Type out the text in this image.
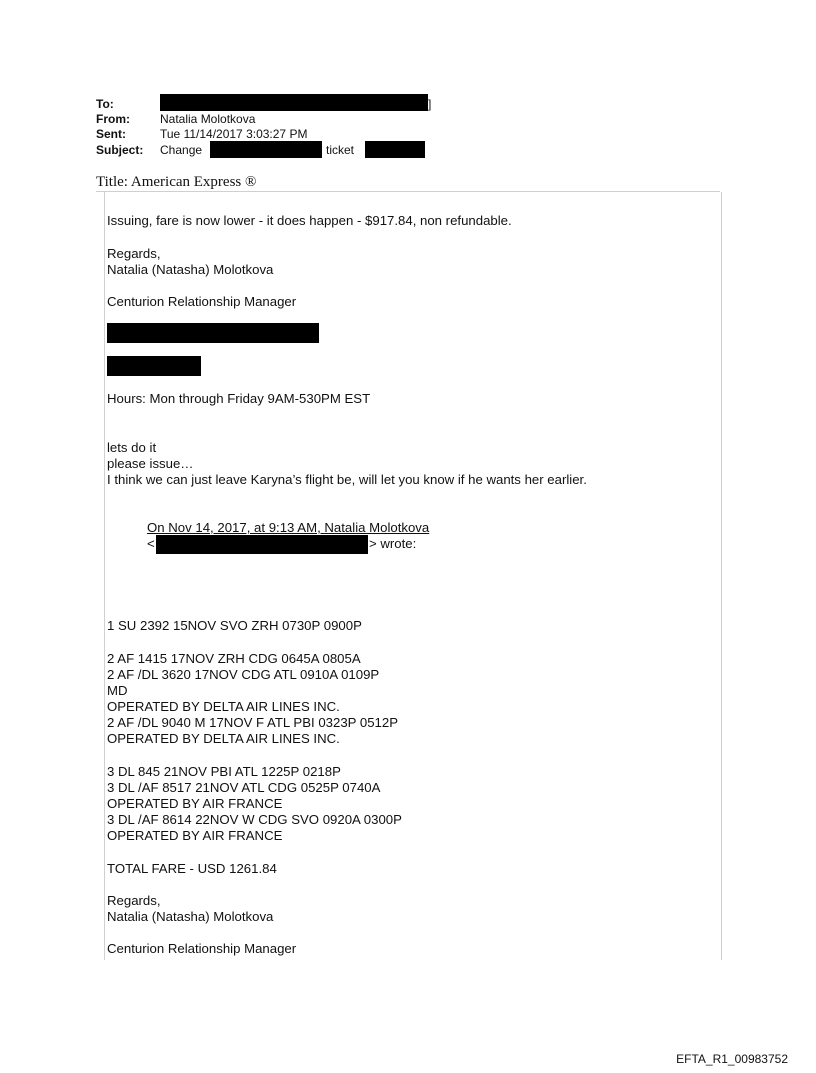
To:	]
From:	Natalia Molotkova
Sent:	Tue 11/14/2017 3:03:27 PM
Subject: Change	ticket
Title: American Express ®
Issuing, fare is now lower - it does happen - $917.84, non refundable.
Regards,
Natalia (Natasha) Molotkova
Centurion Relationship Manager
Hours: Mon through Friday 9AM-530PM EST
lets do it
please issue…
I think we can just leave Karyna’s flight be, will let you know if he wants her earlier.
On Nov 14, 2017, at 9:13 AM, Natalia Molotkova
<	> wrote:
1 SU 2392 15NOV SVO ZRH 0730P 0900P
2 AF 1415 17NOV ZRH CDG 0645A 0805A
2 AF /DL 3620 17NOV CDG ATL 0910A 0109P
MD
OPERATED BY DELTA AIR LINES INC.
2 AF /DL 9040 M 17NOV F ATL PBI 0323P 0512P
OPERATED BY DELTA AIR LINES INC.
3 DL 845 21NOV PBI ATL 1225P 0218P
3 DL /AF 8517 21NOV ATL CDG 0525P 0740A
OPERATED BY AIR FRANCE
3 DL /AF 8614 22NOV W CDG SVO 0920A 0300P
OPERATED BY AIR FRANCE
TOTAL FARE - USD 1261.84
Regards,
Natalia (Natasha) Molotkova
Centurion Relationship Manager
EFTA_R1_00983752
